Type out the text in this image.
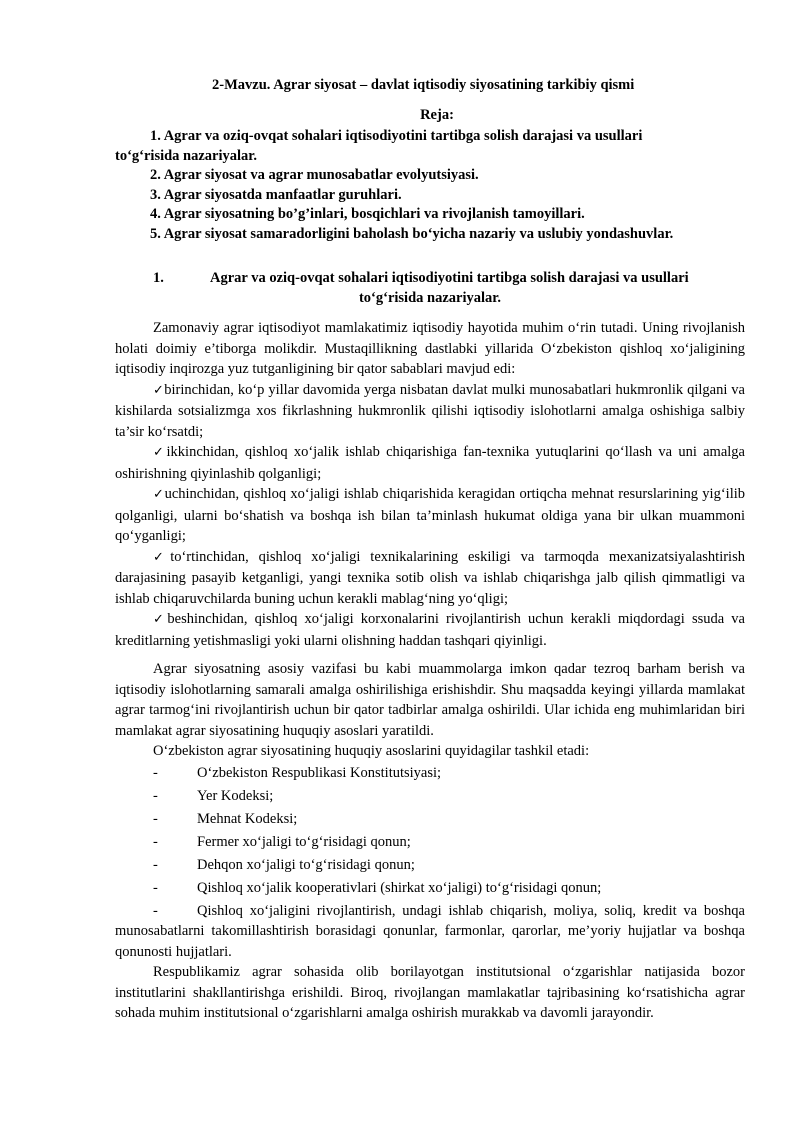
2-Mavzu. Agrar siyosat – davlat iqtisodiy siyosatining tarkibiy qismi
Reja:
1. Agrar va oziq-ovqat sohalari iqtisodiyotini tartibga solish darajasi va usullari
to‘g‘risida nazariyalar.
2. Agrar siyosat va agrar munosabatlar evolyutsiyasi.
3. Agrar siyosatda manfaatlar guruhlari.
4. Agrar siyosatning bo’g’inlari, bosqichlari va rivojlanish tamoyillari.
5. Agrar siyosat samaradorligini baholash bo‘yicha nazariy va uslubiy yondashuvlar.
1.	Agrar va oziq-ovqat sohalari iqtisodiyotini tartibga solish darajasi va usullari
to‘g‘risida nazariyalar.

Zamonaviy agrar iqtisodiyot mamlakatimiz iqtisodiy hayotida muhim o‘rin tutadi. Uning rivojlanish holati doimiy e’tiborga molikdir. Mustaqillikning dastlabki yillarida O‘zbekiston qishloq xo‘jaligining iqtisodiy inqirozga yuz tutganligining bir qator sabablari mavjud edi:

✓birinchidan, ko‘p yillar davomida yerga nisbatan davlat mulki munosabatlari hukmronlik qilgani va kishilarda sotsializmga xos fikrlashning hukmronlik qilishi iqtisodiy islohotlarni amalga oshishiga salbiy ta’sir ko‘rsatdi;

✓ikkinchidan, qishloq xo‘jalik ishlab chiqarishiga fan-texnika yutuqlarini qo‘llash va uni amalga oshirishning qiyinlashib qolganligi;

✓uchinchidan, qishloq xo‘jaligi ishlab chiqarishida keragidan ortiqcha mehnat resurslarining yig‘ilib qolganligi, ularni bo‘shatish va boshqa ish bilan ta’minlash hukumat oldiga yana bir ulkan muammoni qo‘yganligi;

✓to‘rtinchidan, qishloq xo‘jaligi texnikalarining eskiligi va tarmoqda mexanizatsiyalashtirish darajasining pasayib ketganligi, yangi texnika sotib olish va ishlab chiqarishga jalb qilish qimmatligi va ishlab chiqaruvchilarda buning uchun kerakli mablag‘ning yo‘qligi;

✓beshinchidan, qishloq xo‘jaligi korxonalarini rivojlantirish uchun kerakli miqdordagi ssuda va kreditlarning yetishmasligi yoki ularni olishning haddan tashqari qiyinligi.

Agrar siyosatning asosiy vazifasi bu kabi muammolarga imkon qadar tezroq barham berish va iqtisodiy islohotlarning samarali amalga oshirilishiga erishishdir. Shu maqsadda keyingi yillarda mamlakat agrar tarmog‘ini rivojlantirish uchun bir qator tadbirlar amalga oshirildi. Ular ichida eng muhimlaridan biri mamlakat agrar siyosatining huquqiy asoslari yaratildi.

O‘zbekiston agrar siyosatining huquqiy asoslarini quyidagilar tashkil etadi:

-	O‘zbekiston Respublikasi Konstitutsiyasi;

-	Yer Kodeksi;

-	Mehnat Kodeksi;

-	Fermer xo‘jaligi to‘g‘risidagi qonun;

-	Dehqon xo‘jaligi to‘g‘risidagi qonun;

-	Qishloq xo‘jalik kooperativlari (shirkat xo‘jaligi) to‘g‘risidagi qonun;

-	Qishloq xo‘jaligini rivojlantirish, undagi ishlab chiqarish, moliya, soliq, kredit va boshqa munosabatlarni takomillashtirish borasidagi qonunlar, farmonlar, qarorlar, me’yoriy hujjatlar va boshqa qonunosti hujjatlari.

Respublikamiz agrar sohasida olib borilayotgan institutsional o‘zgarishlar natijasida bozor institutlarini shakllantirishga erishildi. Biroq, rivojlangan mamlakatlar tajribasining ko‘rsatishicha agrar sohada muhim institutsional o‘zgarishlarni amalga oshirish murakkab va davomli jarayondir.
